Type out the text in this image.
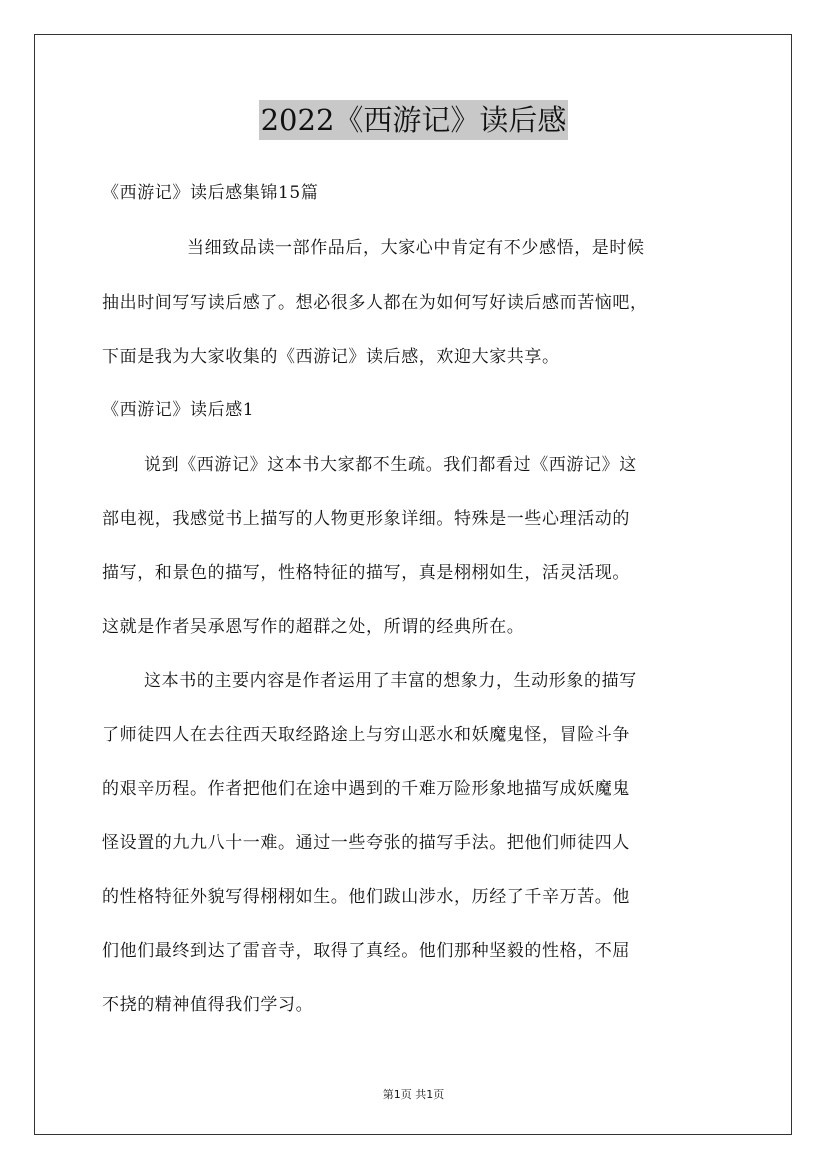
2022《西游记》读后感
《西游记》读后感集锦15篇
当细致品读一部作品后，大家心中肯定有不少感悟，是时候
抽出时间写写读后感了。想必很多人都在为如何写好读后感而苦恼吧，
下面是我为大家收集的《西游记》读后感，欢迎大家共享。
《西游记》读后感1
说到《西游记》这本书大家都不生疏。我们都看过《西游记》这
部电视，我感觉书上描写的人物更形象详细。特殊是一些心理活动的
描写，和景色的描写，性格特征的描写，真是栩栩如生，活灵活现。
这就是作者吴承恩写作的超群之处，所谓的经典所在。
这本书的主要内容是作者运用了丰富的想象力，生动形象的描写
了师徒四人在去往西天取经路途上与穷山恶水和妖魔鬼怪，冒险斗争
的艰辛历程。作者把他们在途中遇到的千难万险形象地描写成妖魔鬼
怪设置的九九八十一难。通过一些夸张的描写手法。把他们师徒四人
的性格特征外貌写得栩栩如生。他们跋山涉水，历经了千辛万苦。他
们他们最终到达了雷音寺，取得了真经。他们那种坚毅的性格，不屈
不挠的精神值得我们学习。
第1页 共1页
